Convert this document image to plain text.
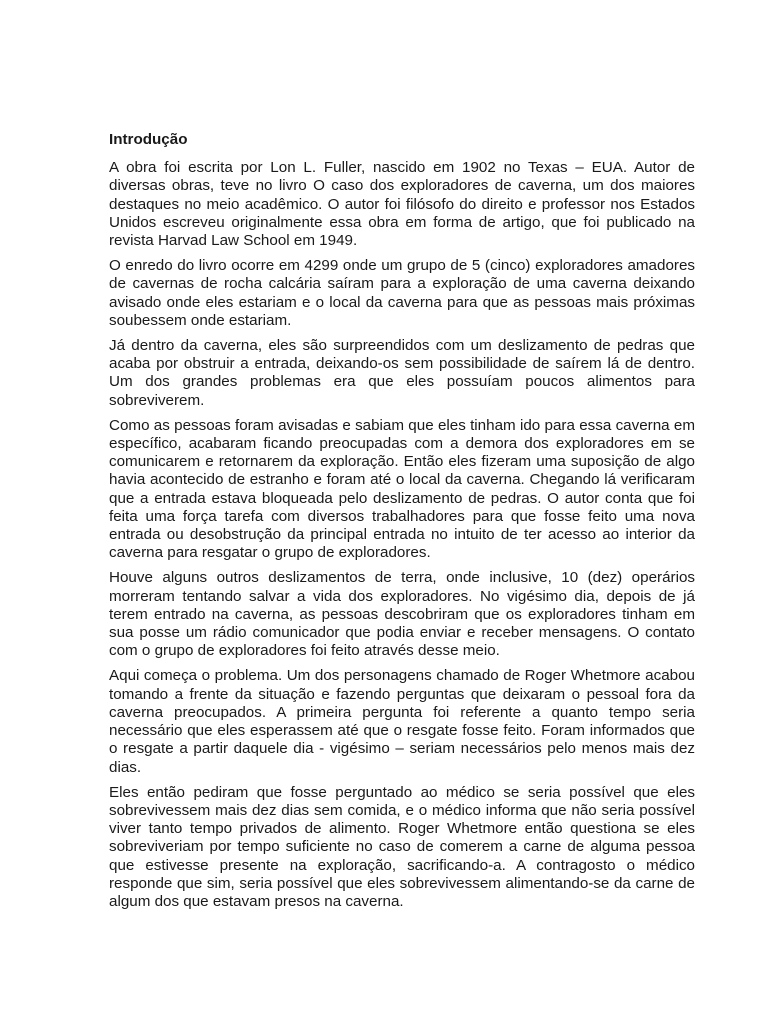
Introdução

A obra foi escrita por Lon L. Fuller, nascido em 1902 no Texas – EUA. Autor de diversas obras, teve no livro O caso dos exploradores de caverna, um dos maiores destaques no meio acadêmico. O autor foi filósofo do direito e professor nos Estados Unidos escreveu originalmente essa obra em forma de artigo, que foi publicado na revista Harvad Law School em 1949.

O enredo do livro ocorre em 4299 onde um grupo de 5 (cinco) exploradores amadores de cavernas de rocha calcária saíram para a exploração de uma caverna deixando avisado onde eles estariam e o local da caverna para que as pessoas mais próximas soubessem onde estariam.

Já dentro da caverna, eles são surpreendidos com um deslizamento de pedras que acaba por obstruir a entrada, deixando-os sem possibilidade de saírem lá de dentro. Um dos grandes problemas era que eles possuíam poucos alimentos para sobreviverem.

Como as pessoas foram avisadas e sabiam que eles tinham ido para essa caverna em específico, acabaram ficando preocupadas com a demora dos exploradores em se comunicarem e retornarem da exploração. Então eles fizeram uma suposição de algo havia acontecido de estranho e foram até o local da caverna. Chegando lá verificaram que a entrada estava bloqueada pelo deslizamento de pedras. O autor conta que foi feita uma força tarefa com diversos trabalhadores para que fosse feito uma nova entrada ou desobstrução da principal entrada no intuito de ter acesso ao interior da caverna para resgatar o grupo de exploradores.

Houve alguns outros deslizamentos de terra, onde inclusive, 10 (dez) operários morreram tentando salvar a vida dos exploradores. No vigésimo dia, depois de já terem entrado na caverna, as pessoas descobriram que os exploradores tinham em sua posse um rádio comunicador que podia enviar e receber mensagens. O contato com o grupo de exploradores foi feito através desse meio.

Aqui começa o problema. Um dos personagens chamado de Roger Whetmore acabou tomando a frente da situação e fazendo perguntas que deixaram o pessoal fora da caverna preocupados. A primeira pergunta foi referente a quanto tempo seria necessário que eles esperassem até que o resgate fosse feito. Foram informados que o resgate a partir daquele dia - vigésimo – seriam necessários pelo menos mais dez dias.

Eles então pediram que fosse perguntado ao médico se seria possível que eles sobrevivessem mais dez dias sem comida, e o médico informa que não seria possível viver tanto tempo privados de alimento. Roger Whetmore então questiona se eles sobreviveriam por tempo suficiente no caso de comerem a carne de alguma pessoa que estivesse presente na exploração, sacrificando-a. A contragosto o médico responde que sim, seria possível que eles sobrevivessem alimentando-se da carne de algum dos que estavam presos na caverna.
